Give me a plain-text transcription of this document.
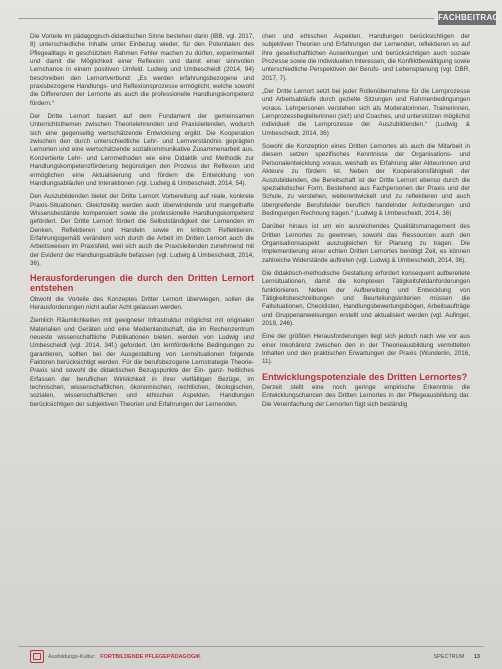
FACHBEITRAG

Die Vorteile im pädagogisch-didaktischen Sinne bestehen darin (IBB, vgl. 2017, 8) unterschiedliche Inhalte unter Einbezug wieder, für den Potentialen des Pflegealltags in geschütztem Rahmen Fehler machen zu dürfen, experimentell und damit die Möglichkeit einer Reflexion und damit einer sinnvollen Lernchance in einem positiven Umfeld. Ludwig und Umbescheidt (2014, 94) beschreiben den Lernortverbund: „Es werden erfahrungsbezogene und praxisbezogene Handlungs- und Reflexionsprozesse ermöglicht, welche sowohl die Differenzen der Lernorte als auch die professionelle Handlungskompetenz fördern.“

Der Dritte Lernort basiert auf dem Fundament der gemeinsamen Unterrichtsthemen zwischen Theorielehrenden und Praxisleitenden, wodurch sich eine gegenseitig wertschätzende Entwicklung ergibt. Die Kooperation zwischen den durch unterschiedliche Lehr- und Lernverständnis geprägten Lernorten und eine wertschätzende sozialkommunikative Zusammenarbeit aus. Konzertierte Lehr- und Lernmethoden wie eine Didaktik und Methodik zur Handlungskompetenzförderung begünstigen den Prozess der Reflexion und ermöglichen eine Aktualisierung und fördern die Entwicklung von Handlungsabläufen und Interaktionen (vgl. Ludwig & Umbescheidt, 2014, 54).

Den Auszubildenden bietet der Dritte Lernort Vorbereitung auf reale, konkrete Praxis-Situationen. Gleichzeitig werden auch überwindende und mangelhafte Wissensbestände kompensiert sowie die professionelle Handlungskompetenz gefördert. Der Dritte Lernort fördert die Selbstständigkeit der Lernenden im Denken, Reflektieren und Handeln sowie im kritisch Reflektieren. Erfahrungsgemäß verändern sich durch die Arbeit im Dritten Lernort auch die Arbeitsweisen im Praxisfeld, weil sich auch die Praxisleitenden zunehmend mit der Evidenz der Handlungsabläufe befassen (vgl. Ludwig & Umbescheidt, 2014, 36).

Herausforderungen die durch den Dritten Lernort entstehen

Obwohl die Vorteile des Konzeptes Dritter Lernort überwiegen, sollen die Herausforderungen nicht außer Acht gelassen werden.

Ziemlich Räumlichkeiten mit geeigneter Infrastruktur möglichst mit originalen Materialien und Geräten und eine Medienlandschaft, die im Rechenzentrum neueste wissenschaftliche Publikationen bieten, werden von Ludwig und Umbescheidt (vgl. 2014, 34f.) gefordert. Um lernförderliche Bedingungen zu garantieren, sollten bei der Ausgestaltung von Lernsituationen folgende Faktoren berücksichtigt werden. Für die berufsbezogene Lernstrategie Theorie-Praxis sind sowohl die didaktischen Bezugspunkte der Ein- ganz- heitliches Erfassen der beruflichen Wirklichkeit in ihrer vielfältigen Bezüge, im technischen, wissenschaftlichen, ökonomischen, rechtlichen, ökologischen, sozialen, wissenschaftlichen und ethischen Aspekten. Handlungen berücksichtigen der subjektiven Theorien und Erfahrungen der Lernenden.

chen und ethischen Aspekten. Handlungen berücksichtigen der subjektiven Theorien und Erfahrungen der Lernenden, reflektieren es auf ihre gesellschaftlichen Auswirkungen und berücksichtigen auch soziale Prozesse sowie die individuellen Interessen, die Konfliktbewältigung sowie unterschiedliche Perspektiven der Berufs- und Lebensplanung (vgl. DBR, 2017, 7).

„Der Dritte Lernort setzt bei jeder Rollenübernahme für die Lernprozesse und Arbeitsabläufe durch gezielte Sitzungen und Rahmenbedingungen voraus. Lehrpersonen verstehen sich als Moderatorinnen, Trainerinnen, Lernprozessbegleiterinnen (sic!) und Coaches, und unterstützen möglichst individuell die Lernprozesse der Auszubildenden.“ (Ludwig & Umbescheidt, 2014, 36)

Sowohl die Konzeption eines Dritten Lernortes als auch die Mitarbeit in diesem setzen spezifisches Kenntnisse der Organisations- und Personalentwicklung voraus, weshalb es Erfahrung aller Akteurinnen und Akteure zu fördern ist. Neben der Kooperationsfähigkeit der Auszubildenden, die Bereitschaft ist der Dritte Lernort ebenso durch die spezialistischer Form, Bestehend aus Fachpersonen der Praxis und der Schule, zu verstehen, weiterentwickelt und zu reflektieren und auch übergreifende Berufsfelder beruflich handelnder Anforderungen und Bedingungen Rechnung tragen.“ (Ludwig & Umbescheidt, 2014, 36)

Darüber hinaus ist um ein ausreichendes Qualitätsmanagement des Dritten Lernortes zu gewinnen, sowohl das Ressourcen auch den Organisationsaspekt auszugleichen für Planung zu tragen. Die Implementierung einer echten Dritten Lernortes benötigt Zeit, es können zahlreiche Widerstände auftreten (vgl. Ludwig & Umbescheidt, 2014, 36).

Die didaktisch-methodische Gestaltung erfordert konsequent aufbereitete Lernsituationen, damit die komplexen Tätigkeitsfeldanforderungen funktionieren. Neben der Aufbereitung und Entwicklung von Tätigkeitsbeschreibungen und Beurteilungskriterien müssen die Fallsituationen, Checklisten, Handlungsbewertungsbögen, Arbeitsaufträge und Gruppenanweisungen erstellt und aktualisiert werden (vgl. Aufinger, 2019, 246).

Eine der größten Herausforderungen liegt sich jedoch nach wie vor aus einer Inkohärenz zwischen den in der Theorieausbildung vermittelten Inhalten und den praktischen Erwartungen der Praxis (Wunderlin, 2016, 11).

Entwicklungspotenziale des Dritten Lernortes?

Derzeit stellt eine noch geringe empirische Erkenntnis die Entwicklungschancen des Dritten Lernortes in der Pflegeausbildung dar. Die Vereinfachung der Lernorten fügt sich beständig

Ausbildungs-Kultur: FORTBILDENDE PFLEGEPÄDAGOGIK	SPECTRUM 13
